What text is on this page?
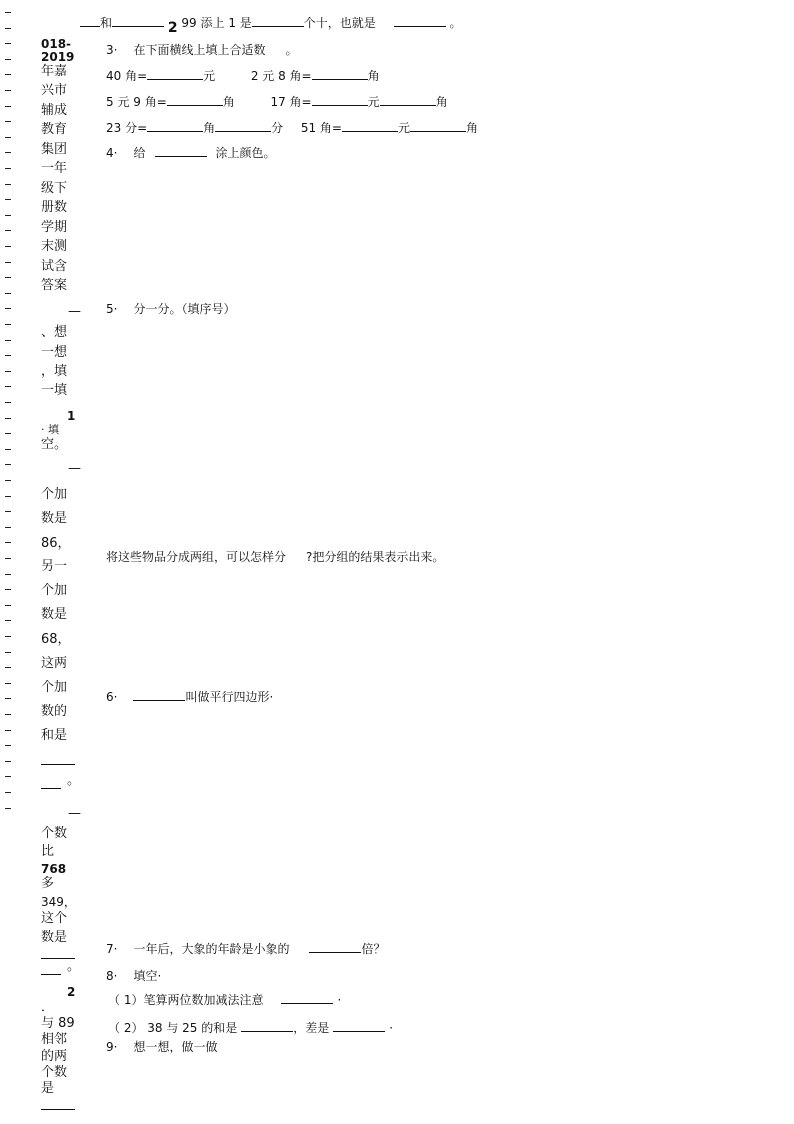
018-
2019
年嘉
兴市
辅成
教育
集团
一年
级下
册数
学期
末测
试含
答案
—
、想
一想
，填
一填
1
· 填
空。
—
个加
数是
86，
另一
个加
数是
68，
这两
个加
数的
和是
。
—
个数
比
768
多
349，
这个
数是
。
2
．
与 89
相邻
的两
个数
是
和	2 99 添上 1 是	个十，也就是	。
3· 在下面横线上填上合适数 。
40 角=	元	2 元 8 角=	角
5 元 9 角=	角	17 角=	元	角
23 分=	角	分 51 角=	元	角
4· 给	涂上颜色。
5· 分一分。（填序号）
将这些物品分成两组，可以怎样分 ?把分组的结果表示出来。
6·	叫做平行四边形·
7· 一年后，大象的年龄是小象的	倍？
8· 填空·
（ 1）笔算两位数加减法注意	·
（ 2） 38 与 25 的和是	，差是	·
9· 想一想，做一做
